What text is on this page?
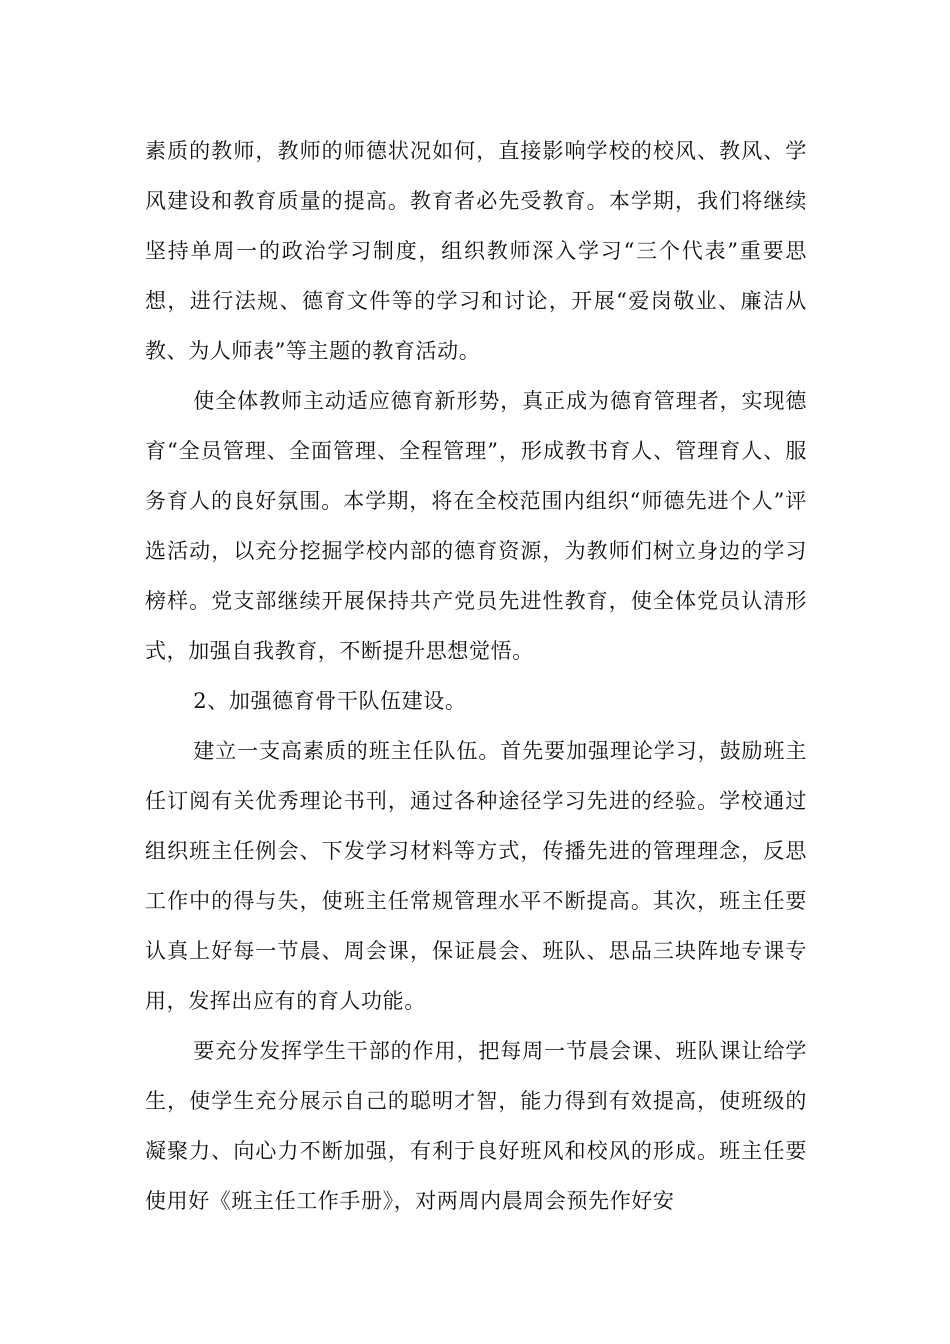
素质的教师，教师的师德状况如何，直接影响学校的校风、教风、学风建设和教育质量的提高。教育者必先受教育。本学期，我们将继续坚持单周一的政治学习制度，组织教师深入学习“三个代表”重要思想，进行法规、德育文件等的学习和讨论，开展“爱岗敬业、廉洁从教、为人师表”等主题的教育活动。

使全体教师主动适应德育新形势，真正成为德育管理者，实现德育“全员管理、全面管理、全程管理”，形成教书育人、管理育人、服务育人的良好氛围。本学期，将在全校范围内组织“师德先进个人”评选活动，以充分挖掘学校内部的德育资源，为教师们树立身边的学习榜样。党支部继续开展保持共产党员先进性教育，使全体党员认清形式，加强自我教育，不断提升思想觉悟。

2、加强德育骨干队伍建设。

建立一支高素质的班主任队伍。首先要加强理论学习，鼓励班主任订阅有关优秀理论书刊，通过各种途径学习先进的经验。学校通过组织班主任例会、下发学习材料等方式，传播先进的管理理念，反思工作中的得与失，使班主任常规管理水平不断提高。其次，班主任要认真上好每一节晨、周会课，保证晨会、班队、思品三块阵地专课专用，发挥出应有的育人功能。

要充分发挥学生干部的作用，把每周一节晨会课、班队课让给学生，使学生充分展示自己的聪明才智，能力得到有效提高，使班级的凝聚力、向心力不断加强，有利于良好班风和校风的形成。班主任要使用好《班主任工作手册》，对两周内晨周会预先作好安
